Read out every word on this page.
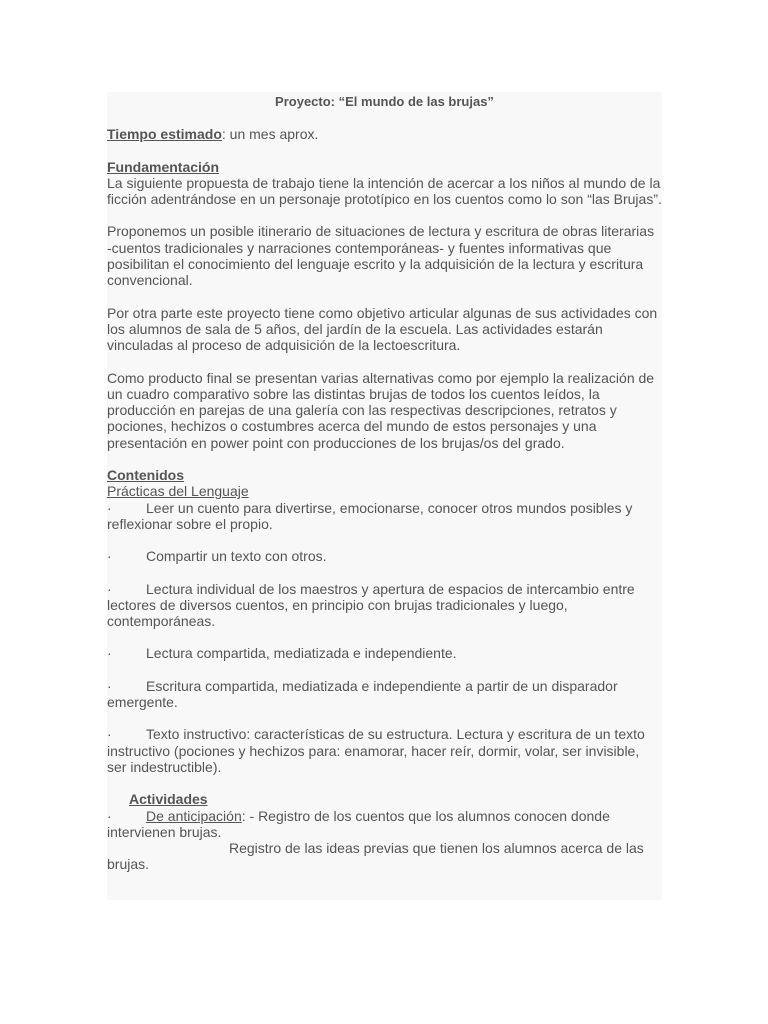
Proyecto: “El mundo de las brujas”

Tiempo estimado: un mes aprox.

Fundamentación

La siguiente propuesta de trabajo tiene la intención de acercar a los niños al mundo de la ficción adentrándose en un personaje prototípico en los cuentos como lo son “las Brujas”.

Proponemos un posible itinerario de situaciones de lectura y escritura de obras literarias -cuentos tradicionales y narraciones contemporáneas- y fuentes informativas que posibilitan el conocimiento del lenguaje escrito y la adquisición de la lectura y escritura convencional.

Por otra parte este proyecto tiene como objetivo articular algunas de sus actividades con los alumnos de sala de 5 años, del jardín de la escuela. Las actividades estarán vinculadas al proceso de adquisición de la lectoescritura.

Como producto final se presentan varias alternativas como por ejemplo la realización de un cuadro comparativo sobre las distintas brujas de todos los cuentos leídos, la producción en parejas de una galería con las respectivas descripciones, retratos y pociones, hechizos o costumbres acerca del mundo de estos personajes y una presentación en power point con producciones de los brujas/os del grado.

Contenidos

Prácticas del Lenguaje

· Leer un cuento para divertirse, emocionarse, conocer otros mundos posibles y reflexionar sobre el propio.

· Compartir un texto con otros.

· Lectura individual de los maestros y apertura de espacios de intercambio entre lectores de diversos cuentos, en principio con brujas tradicionales y luego, contemporáneas.

· Lectura compartida, mediatizada e independiente.

· Escritura compartida, mediatizada e independiente a partir de un disparador emergente.

· Texto instructivo: características de su estructura. Lectura y escritura de un texto instructivo (pociones y hechizos para: enamorar, hacer reír, dormir, volar, ser invisible, ser indestructible).

Actividades

· De anticipación: - Registro de los cuentos que los alumnos conocen donde intervienen brujas.

Registro de las ideas previas que tienen los alumnos acerca de las brujas.
